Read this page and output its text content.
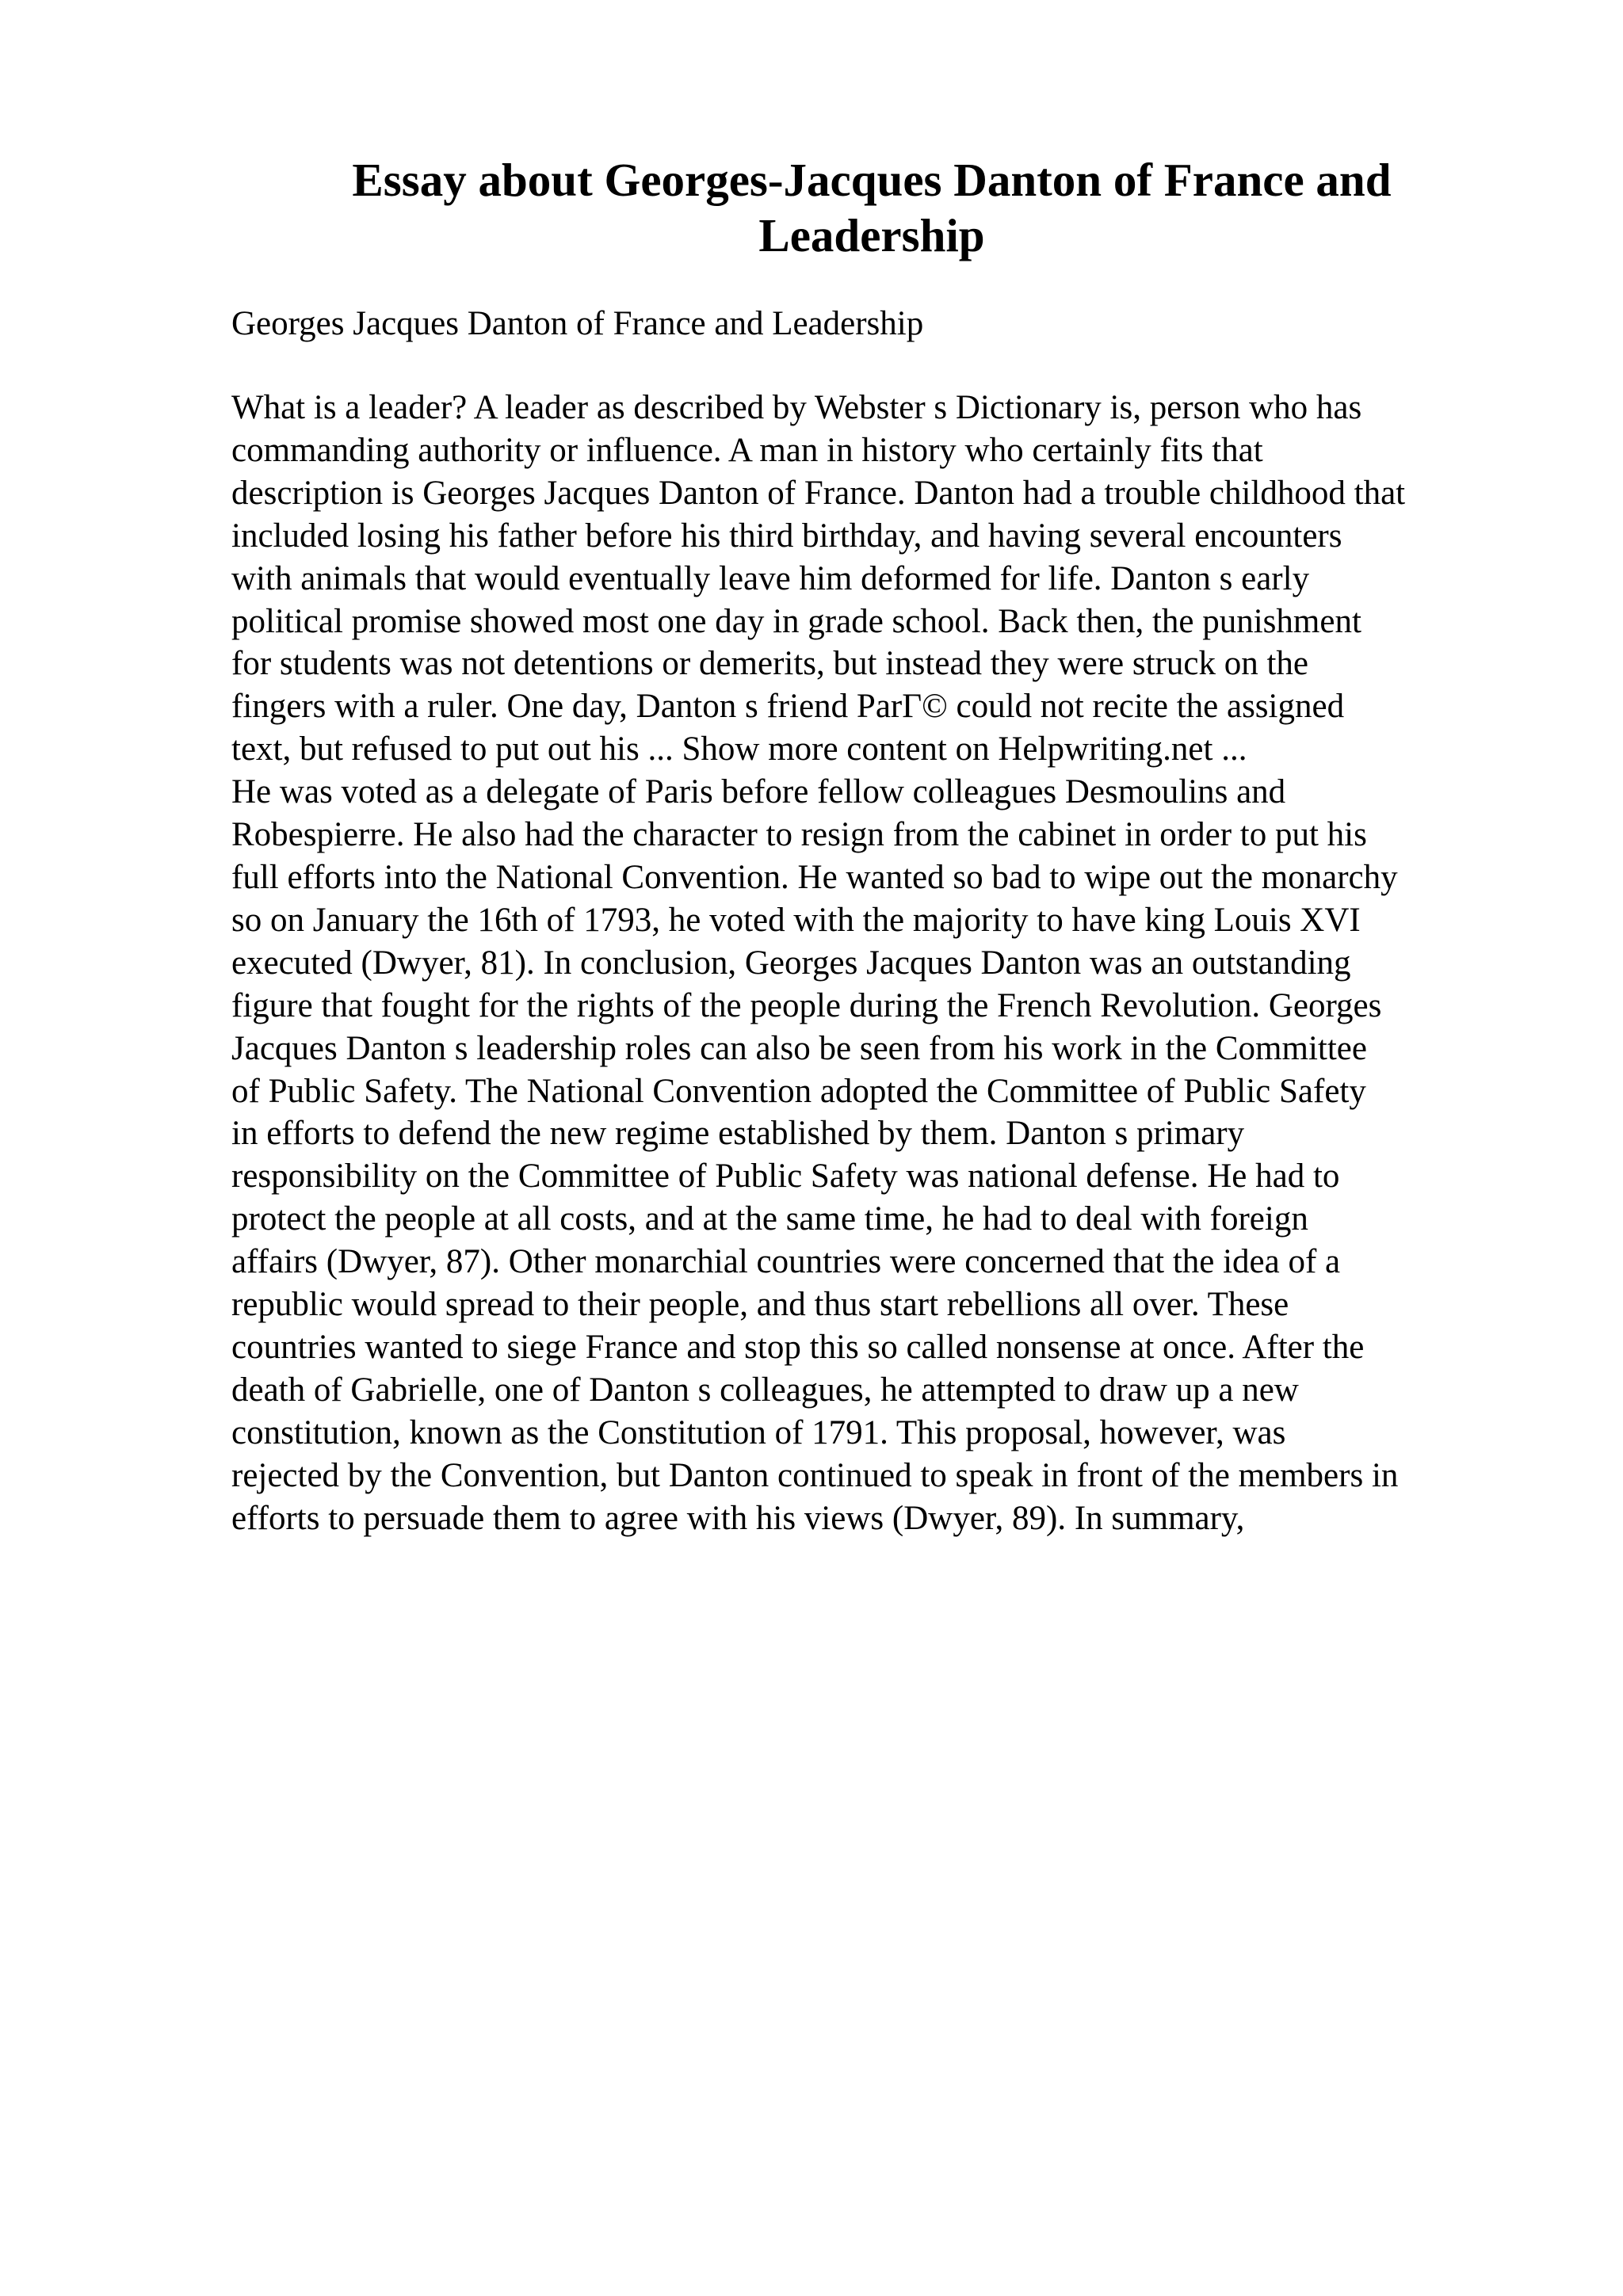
Essay about Georges-Jacques Danton of France and
Leadership

Georges Jacques Danton of France and Leadership

What is a leader? A leader as described by Webster s Dictionary is, person who has
commanding authority or influence. A man in history who certainly fits that
description is Georges Jacques Danton of France. Danton had a trouble childhood that
included losing his father before his third birthday, and having several encounters
with animals that would eventually leave him deformed for life. Danton s early
political promise showed most one day in grade school. Back then, the punishment
for students was not detentions or demerits, but instead they were struck on the
fingers with a ruler. One day, Danton s friend ParГ© could not recite the assigned
text, but refused to put out his ... Show more content on Helpwriting.net ...
He was voted as a delegate of Paris before fellow colleagues Desmoulins and
Robespierre. He also had the character to resign from the cabinet in order to put his
full efforts into the National Convention. He wanted so bad to wipe out the monarchy
so on January the 16th of 1793, he voted with the majority to have king Louis XVI
executed (Dwyer, 81). In conclusion, Georges Jacques Danton was an outstanding
figure that fought for the rights of the people during the French Revolution. Georges
Jacques Danton s leadership roles can also be seen from his work in the Committee
of Public Safety. The National Convention adopted the Committee of Public Safety
in efforts to defend the new regime established by them. Danton s primary
responsibility on the Committee of Public Safety was national defense. He had to
protect the people at all costs, and at the same time, he had to deal with foreign
affairs (Dwyer, 87). Other monarchial countries were concerned that the idea of a
republic would spread to their people, and thus start rebellions all over. These
countries wanted to siege France and stop this so called nonsense at once. After the
death of Gabrielle, one of Danton s colleagues, he attempted to draw up a new
constitution, known as the Constitution of 1791. This proposal, however, was
rejected by the Convention, but Danton continued to speak in front of the members in
efforts to persuade them to agree with his views (Dwyer, 89). In summary,
